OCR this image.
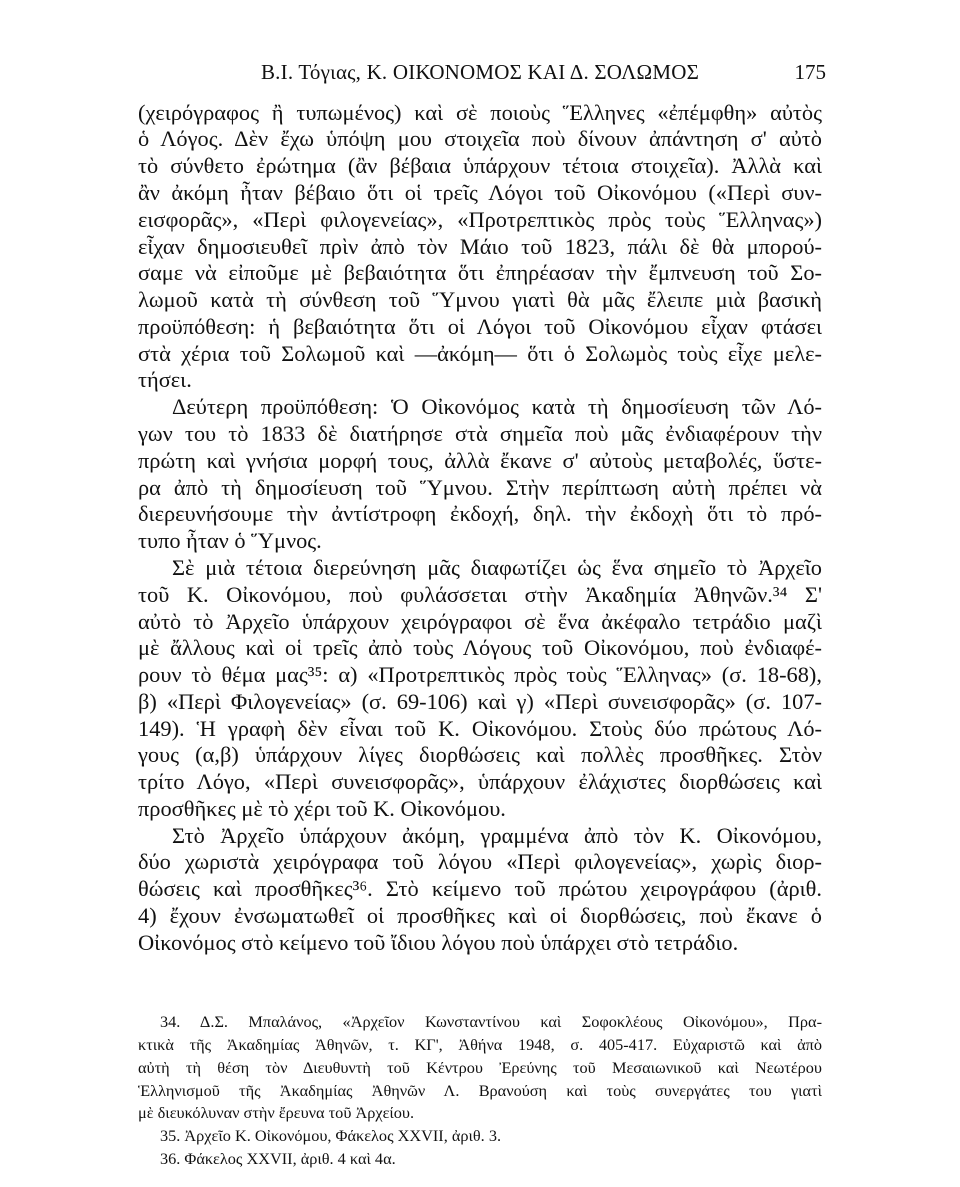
Β.Ι. Τόγιας, Κ. ΟΙΚΟΝΟΜΟΣ ΚΑΙ Δ. ΣΟΛΩΜΟΣ	175
(χειρόγραφος ἢ τυπωμένος) καὶ σὲ ποιοὺς Ἕλληνες «ἐπέμφθη» αὐτὸς
ὁ Λόγος. Δὲν ἔχω ὑπόψη μου στοιχεῖα ποὺ δίνουν ἀπάντηση σ' αὐτὸ
τὸ σύνθετο ἐρώτημα (ἂν βέβαια ὑπάρχουν τέτοια στοιχεῖα). Ἀλλὰ καὶ
ἂν ἀκόμη ἦταν βέβαιο ὅτι οἱ τρεῖς Λόγοι τοῦ Οἰκονόμου («Περὶ συν-
εισφορᾶς», «Περὶ φιλογενείας», «Προτρεπτικὸς πρὸς τοὺς Ἕλληνας»)
εἶχαν δημοσιευθεῖ πρὶν ἀπὸ τὸν Μάιο τοῦ 1823, πάλι δὲ θὰ μπορού-
σαμε νὰ εἰποῦμε μὲ βεβαιότητα ὅτι ἐπηρέασαν τὴν ἔμπνευση τοῦ Σο-
λωμοῦ κατὰ τὴ σύνθεση τοῦ Ὕμνου γιατὶ θὰ μᾶς ἔλειπε μιὰ βασικὴ
προϋπόθεση: ἡ βεβαιότητα ὅτι οἱ Λόγοι τοῦ Οἰκονόμου εἶχαν φτάσει
στὰ χέρια τοῦ Σολωμοῦ καὶ —ἀκόμη— ὅτι ὁ Σολωμὸς τοὺς εἶχε μελε-
τήσει.
Δεύτερη προϋπόθεση: Ὁ Οἰκονόμος κατὰ τὴ δημοσίευση τῶν Λό-
γων του τὸ 1833 δὲ διατήρησε στὰ σημεῖα ποὺ μᾶς ἐνδιαφέρουν τὴν
πρώτη καὶ γνήσια μορφή τους, ἀλλὰ ἔκανε σ' αὐτοὺς μεταβολές, ὕστε-
ρα ἀπὸ τὴ δημοσίευση τοῦ Ὕμνου. Στὴν περίπτωση αὐτὴ πρέπει νὰ
διερευνήσουμε τὴν ἀντίστροφη ἐκδοχή, δηλ. τὴν ἐκδοχὴ ὅτι τὸ πρό-
τυπο ἦταν ὁ Ὕμνος.
Σὲ μιὰ τέτοια διερεύνηση μᾶς διαφωτίζει ὡς ἕνα σημεῖο τὸ Ἀρχεῖο
τοῦ Κ. Οἰκονόμου, ποὺ φυλάσσεται στὴν Ἀκαδημία Ἀθηνῶν.³⁴ Σ'
αὐτὸ τὸ Ἀρχεῖο ὑπάρχουν χειρόγραφοι σὲ ἕνα ἀκέφαλο τετράδιο μαζὶ
μὲ ἄλλους καὶ οἱ τρεῖς ἀπὸ τοὺς Λόγους τοῦ Οἰκονόμου, ποὺ ἐνδιαφέ-
ρουν τὸ θέμα μας³⁵: α) «Προτρεπτικὸς πρὸς τοὺς Ἕλληνας» (σ. 18-68),
β) «Περὶ Φιλογενείας» (σ. 69-106) καὶ γ) «Περὶ συνεισφορᾶς» (σ. 107-
149). Ἡ γραφὴ δὲν εἶναι τοῦ Κ. Οἰκονόμου. Στοὺς δύο πρώτους Λό-
γους (α,β) ὑπάρχουν λίγες διορθώσεις καὶ πολλὲς προσθῆκες. Στὸν
τρίτο Λόγο, «Περὶ συνεισφορᾶς», ὑπάρχουν ἐλάχιστες διορθώσεις καὶ
προσθῆκες μὲ τὸ χέρι τοῦ Κ. Οἰκονόμου.
Στὸ Ἀρχεῖο ὑπάρχουν ἀκόμη, γραμμένα ἀπὸ τὸν Κ. Οἰκονόμου,
δύο χωριστὰ χειρόγραφα τοῦ λόγου «Περὶ φιλογενείας», χωρὶς διορ-
θώσεις καὶ προσθῆκες³⁶. Στὸ κείμενο τοῦ πρώτου χειρογράφου (ἀριθ.
4) ἔχουν ἐνσωματωθεῖ οἱ προσθῆκες καὶ οἱ διορθώσεις, ποὺ ἔκανε ὁ
Οἰκονόμος στὸ κείμενο τοῦ ἴδιου λόγου ποὺ ὑπάρχει στὸ τετράδιο.
34. Δ.Σ. Μπαλάνος, «Ἀρχεῖον Κωνσταντίνου καὶ Σοφοκλέους Οἰκονόμου», Πρα-
κτικὰ τῆς Ἀκαδημίας Ἀθηνῶν, τ. ΚΓ', Ἀθήνα 1948, σ. 405-417. Εὐχαριστῶ καὶ ἀπὸ
αὐτὴ τὴ θέση τὸν Διευθυντὴ τοῦ Κέντρου Ἐρεύνης τοῦ Μεσαιωνικοῦ καὶ Νεωτέρου
Ἑλληνισμοῦ τῆς Ἀκαδημίας Ἀθηνῶν Λ. Βρανούση καὶ τοὺς συνεργάτες του γιατὶ
μὲ διευκόλυναν στὴν ἔρευνα τοῦ Ἀρχείου.
35. Ἀρχεῖο Κ. Οἰκονόμου, Φάκελος XXVII, ἀριθ. 3.
36. Φάκελος XXVII, ἀριθ. 4 καὶ 4α.
